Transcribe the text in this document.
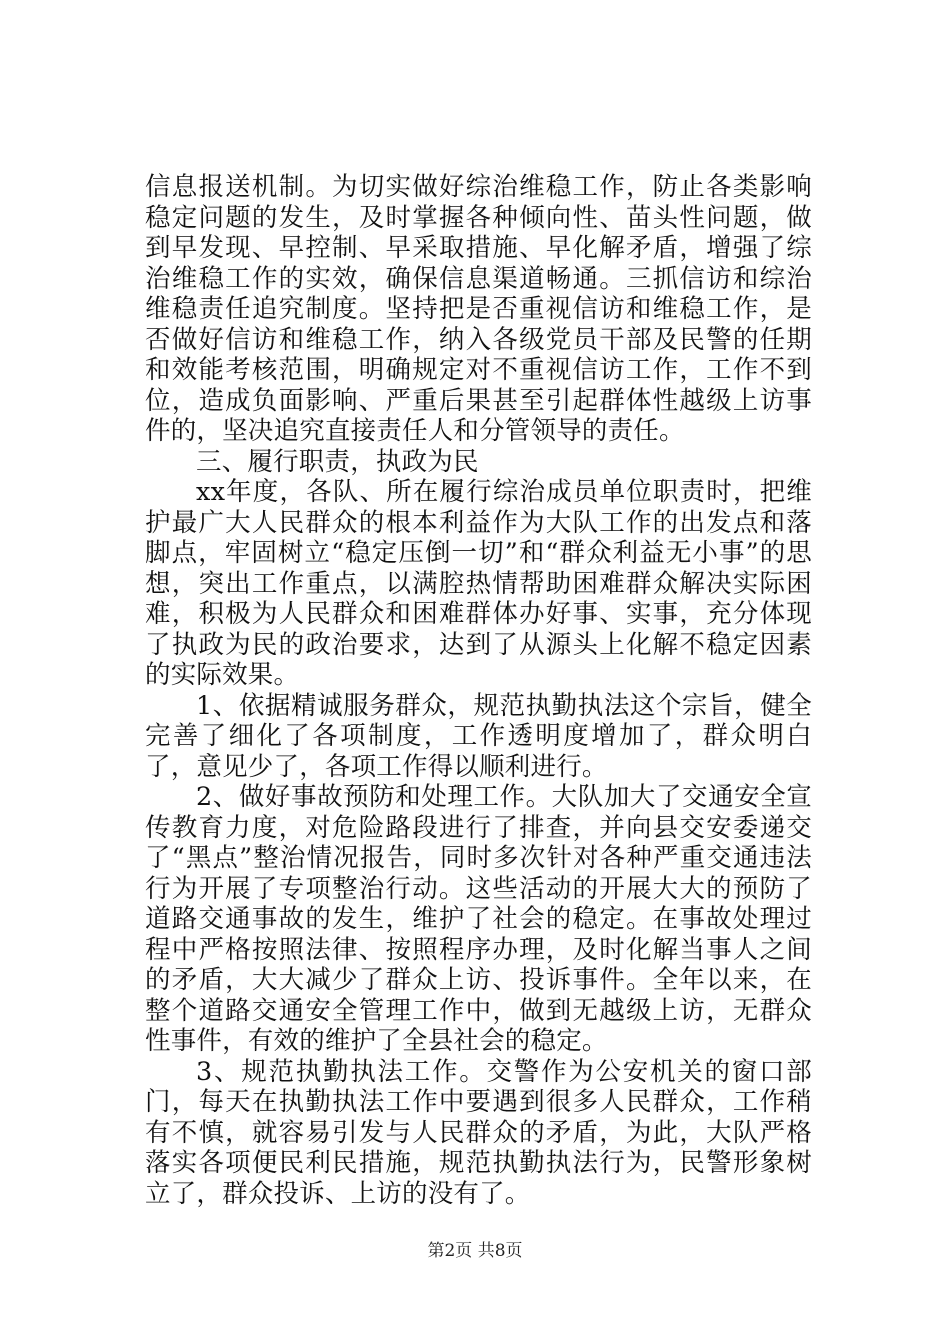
信息报送机制。为切实做好综治维稳工作，防止各类影响稳定问题的发生，及时掌握各种倾向性、苗头性问题，做到早发现、早控制、早采取措施、早化解矛盾，增强了综治维稳工作的实效，确保信息渠道畅通。三抓信访和综治维稳责任追究制度。坚持把是否重视信访和维稳工作，是否做好信访和维稳工作，纳入各级党员干部及民警的任期和效能考核范围，明确规定对不重视信访工作，工作不到位，造成负面影响、严重后果甚至引起群体性越级上访事件的，坚决追究直接责任人和分管领导的责任。

三、履行职责，执政为民

xx年度，各队、所在履行综治成员单位职责时，把维护最广大人民群众的根本利益作为大队工作的出发点和落脚点，牢固树立“稳定压倒一切”和“群众利益无小事”的思想，突出工作重点，以满腔热情帮助困难群众解决实际困难，积极为人民群众和困难群体办好事、实事，充分体现了执政为民的政治要求，达到了从源头上化解不稳定因素的实际效果。

1、依据精诚服务群众，规范执勤执法这个宗旨，健全完善了细化了各项制度，工作透明度增加了，群众明白了，意见少了，各项工作得以顺利进行。

2、做好事故预防和处理工作。大队加大了交通安全宣传教育力度，对危险路段进行了排查，并向县交安委递交了“黑点”整治情况报告，同时多次针对各种严重交通违法行为开展了专项整治行动。这些活动的开展大大的预防了道路交通事故的发生，维护了社会的稳定。在事故处理过程中严格按照法律、按照程序办理，及时化解当事人之间的矛盾，大大减少了群众上访、投诉事件。全年以来，在整个道路交通安全管理工作中，做到无越级上访，无群众性事件，有效的维护了全县社会的稳定。

3、规范执勤执法工作。交警作为公安机关的窗口部门，每天在执勤执法工作中要遇到很多人民群众，工作稍有不慎，就容易引发与人民群众的矛盾，为此，大队严格落实各项便民利民措施，规范执勤执法行为，民警形象树立了，群众投诉、上访的没有了。

第2页 共8页
